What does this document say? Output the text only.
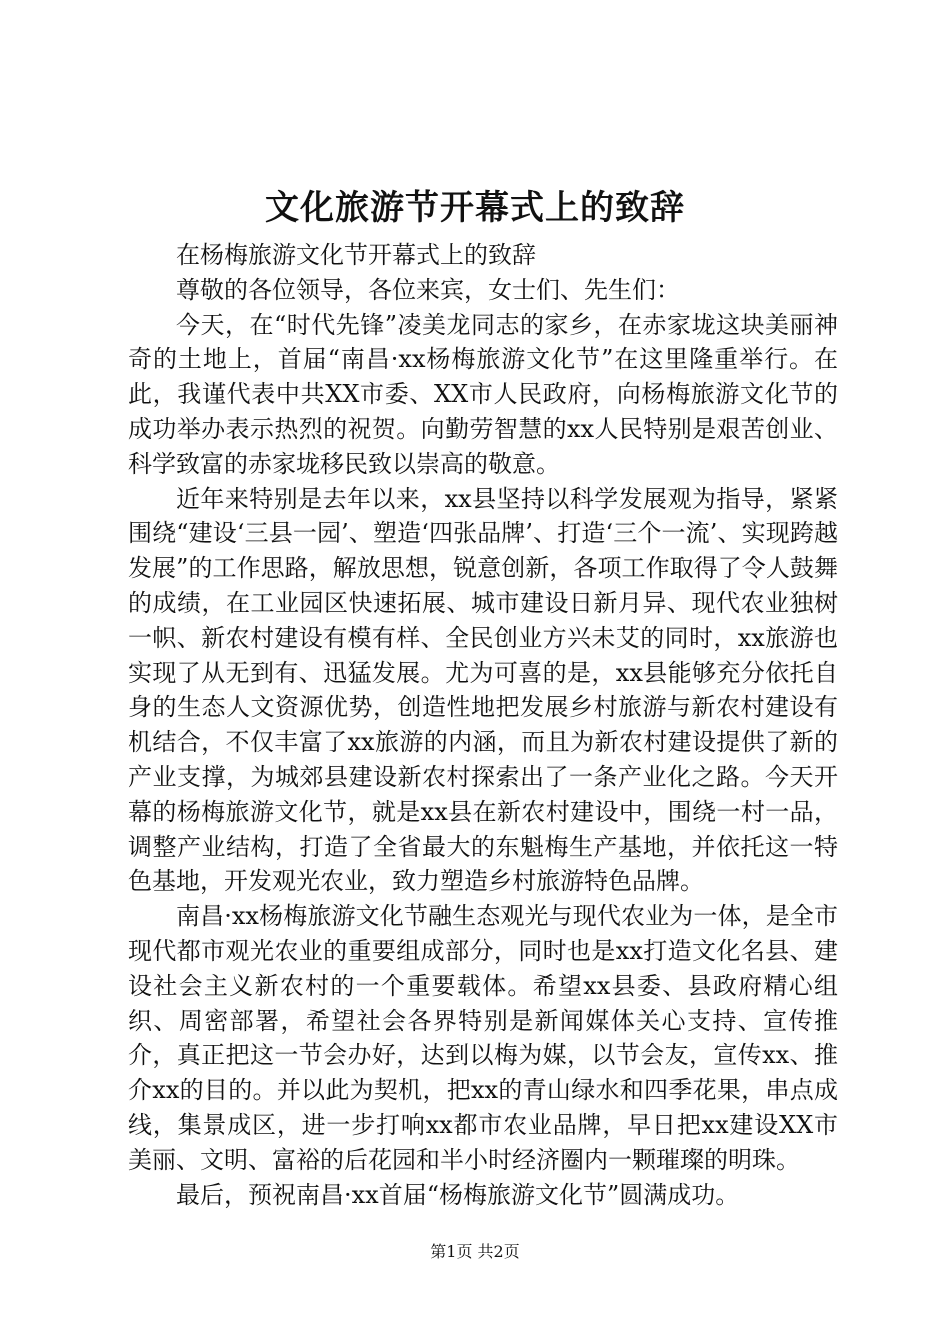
文化旅游节开幕式上的致辞

在杨梅旅游文化节开幕式上的致辞

尊敬的各位领导，各位来宾，女士们、先生们：

今天，在“时代先锋”凌美龙同志的家乡，在赤家垅这块美丽神奇的土地上，首届“南昌·xx杨梅旅游文化节”在这里隆重举行。在此，我谨代表中共XX市委、XX市人民政府，向杨梅旅游文化节的成功举办表示热烈的祝贺。向勤劳智慧的xx人民特别是艰苦创业、科学致富的赤家垅移民致以崇高的敬意。

近年来特别是去年以来，xx县坚持以科学发展观为指导，紧紧围绕“建设‘三县一园’、塑造‘四张品牌’、打造‘三个一流’、实现跨越发展”的工作思路，解放思想，锐意创新，各项工作取得了令人鼓舞的成绩，在工业园区快速拓展、城市建设日新月异、现代农业独树一帜、新农村建设有模有样、全民创业方兴未艾的同时，xx旅游也实现了从无到有、迅猛发展。尤为可喜的是，xx县能够充分依托自身的生态人文资源优势，创造性地把发展乡村旅游与新农村建设有机结合，不仅丰富了xx旅游的内涵，而且为新农村建设提供了新的产业支撑，为城郊县建设新农村探索出了一条产业化之路。今天开幕的杨梅旅游文化节，就是xx县在新农村建设中，围绕一村一品，调整产业结构，打造了全省最大的东魁梅生产基地，并依托这一特色基地，开发观光农业，致力塑造乡村旅游特色品牌。

南昌·xx杨梅旅游文化节融生态观光与现代农业为一体，是全市现代都市观光农业的重要组成部分，同时也是xx打造文化名县、建设社会主义新农村的一个重要载体。希望xx县委、县政府精心组织、周密部署，希望社会各界特别是新闻媒体关心支持、宣传推介，真正把这一节会办好，达到以梅为媒，以节会友，宣传xx、推介xx的目的。并以此为契机，把xx的青山绿水和四季花果，串点成线，集景成区，进一步打响xx都市农业品牌，早日把xx建设XX市美丽、文明、富裕的后花园和半小时经济圈内一颗璀璨的明珠。

最后，预祝南昌·xx首届“杨梅旅游文化节”圆满成功。

第1页 共2页
